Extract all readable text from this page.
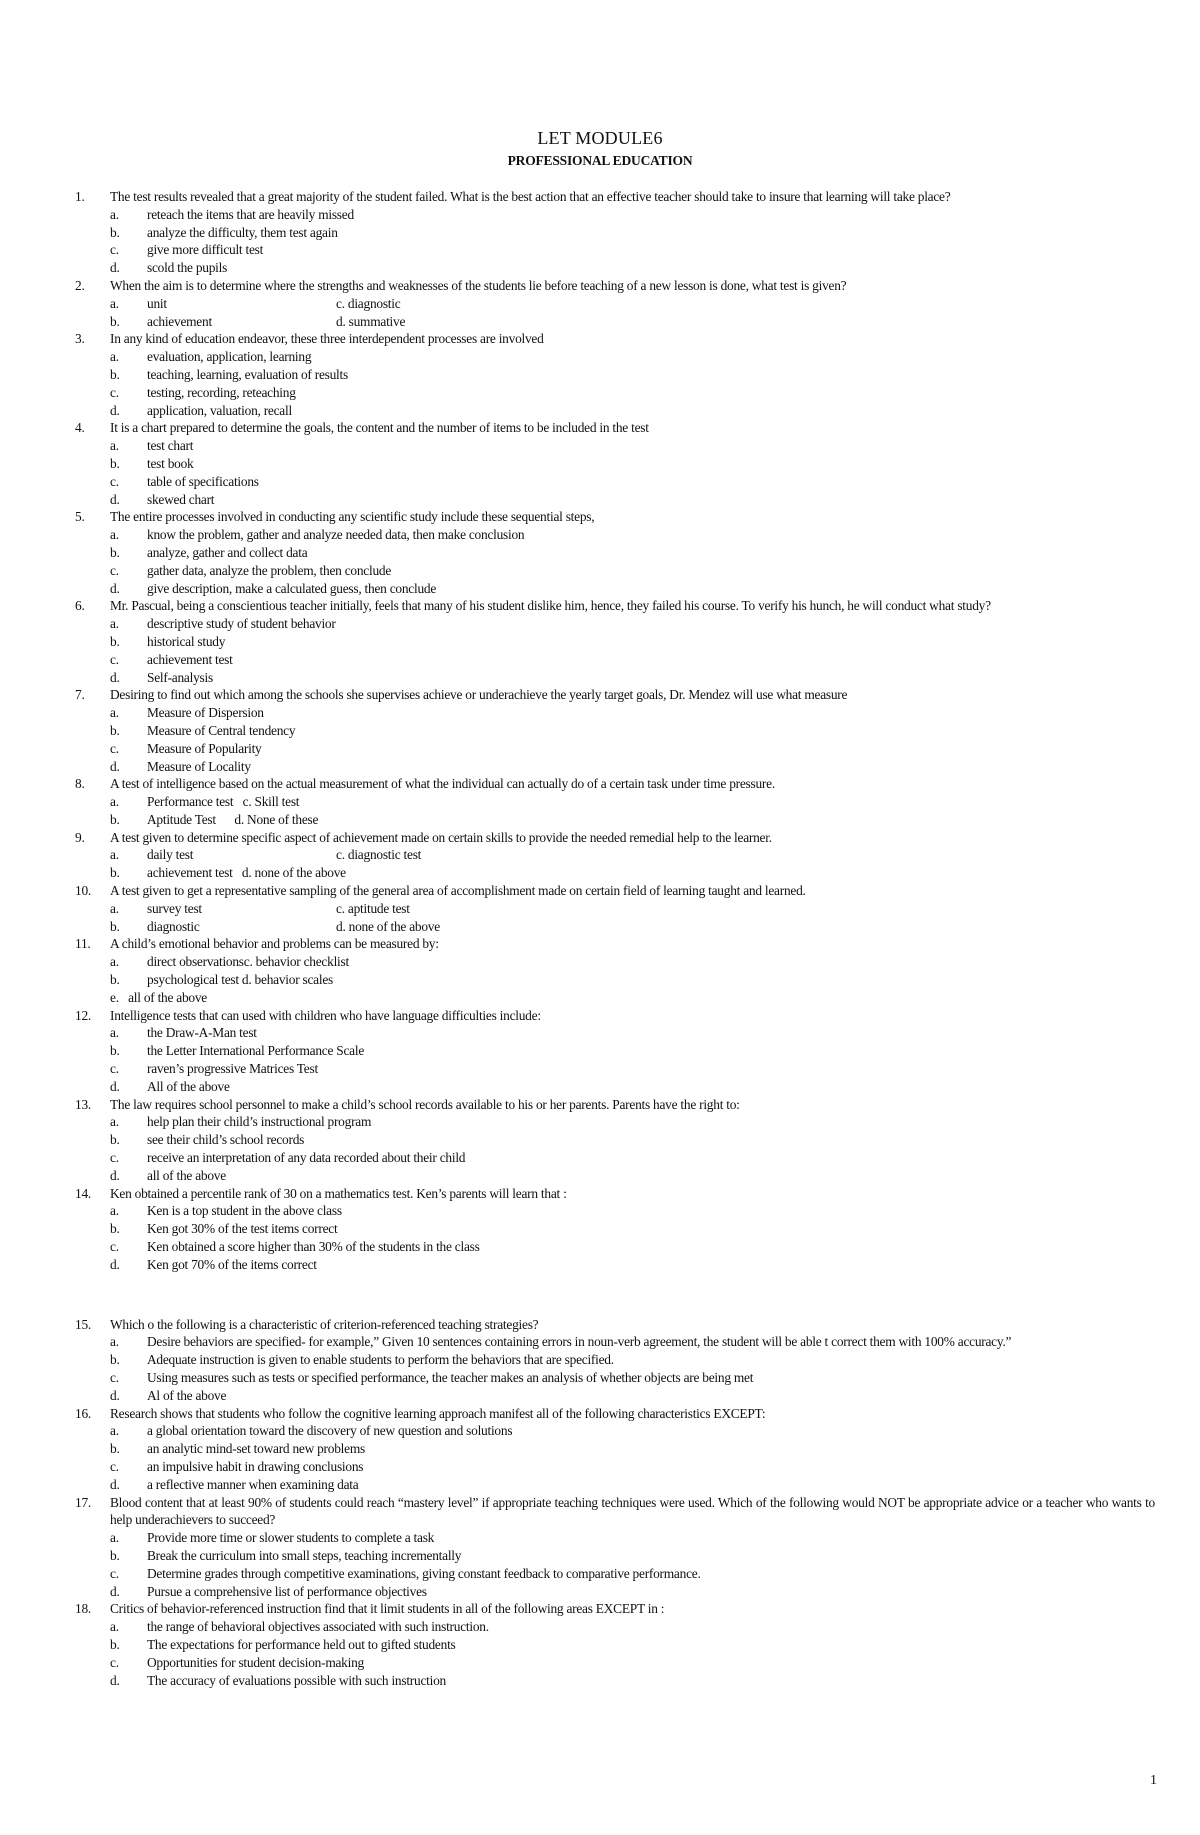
LET MODULE6
PROFESSIONAL EDUCATION
1.	The test results revealed that a great majority of the student failed. What is the best action that an effective teacher should take to insure that learning will take place?
a.	reteach the items that are heavily missed
b.	analyze the difficulty, them test again
c.	give more difficult test
d.	scold the pupils
2.	When the aim is to determine where the strengths and weaknesses of the students lie before teaching of a new lesson is done, what test is given?
a.	unit	c. diagnostic
b.	achievement	d. summative
3.	In any kind of education endeavor, these three interdependent processes are involved
a.	evaluation, application, learning
b.	teaching, learning, evaluation of results
c.	testing, recording, reteaching
d.	application, valuation, recall
4.	It is a chart prepared to determine the goals, the content and the number of items to be included in the test
a.	test chart
b.	test book
c.	table of specifications
d.	skewed chart
5.	The entire processes involved in conducting any scientific study include these sequential steps,
a.	know the problem, gather and analyze needed data, then make conclusion
b.	analyze, gather and collect data
c.	gather data, analyze the problem, then conclude
d.	give description, make a calculated guess, then conclude
6.	Mr. Pascual, being a conscientious teacher initially, feels that many of his student dislike him, hence, they failed his course. To verify his hunch, he will conduct what study?
a.	descriptive study of student behavior
b.	historical study
c.	achievement test
d.	Self-analysis
7.	Desiring to find out which among the schools she supervises achieve or underachieve the yearly target goals, Dr. Mendez will use what measure
a.	Measure of Dispersion
b.	Measure of Central tendency
c.	Measure of Popularity
d.	Measure of Locality
8.	A test of intelligence based on the actual measurement of what the individual can actually do of a certain task under time pressure.
a.	Performance test   c. Skill test
b.	Aptitude Test      d. None of these
9.	A test given to determine specific aspect of achievement made on certain skills to provide the needed remedial help to the learner.
a.	daily test	c. diagnostic test
b.	achievement test   d. none of the above
10.	A test given to get a representative sampling of the general area of accomplishment made on certain field of learning taught and learned.
a.	survey test	c. aptitude test
b.	diagnostic	d. none of the above
11.	A child’s emotional behavior and problems can be measured by:
a.	direct observationsc. behavior checklist
b.	psychological test d. behavior scales
e.   all of the above
12.	Intelligence tests that can used with children who have language difficulties include:
a.	the Draw-A-Man test
b.	the Letter International Performance Scale
c.	raven’s progressive Matrices Test
d.	All of the above
13.	The law requires school personnel to make a child’s school records available to his or her parents. Parents have the right to:
a.	help plan their child’s instructional program
b.	see their child’s school records
c.	receive an interpretation of any data recorded about their child
d.	all of the above
14.	Ken obtained a percentile rank of 30 on a mathematics test. Ken’s parents will learn that :
a.	Ken is a top student in the above class
b.	Ken got 30% of the test items correct
c.	Ken obtained a score higher than 30% of the students in the class
d.	Ken got 70% of the items correct
15.	Which o the following is a characteristic of criterion-referenced teaching strategies?
a.	Desire behaviors are specified- for example,” Given 10 sentences containing errors in noun-verb agreement, the student will be able t correct them with 100% accuracy.”
b.	Adequate instruction is given to enable students to perform the behaviors that are specified.
c.	Using measures such as tests or specified performance, the teacher makes an analysis of whether objects are being met
d.	Al of the above
16.	Research shows that students who follow the cognitive learning approach manifest all of the following characteristics EXCEPT:
a.	a global orientation toward the discovery of new question and solutions
b.	an analytic mind-set toward new problems
c.	an impulsive habit in drawing conclusions
d.	a reflective manner when examining data
17.	Blood content that at least 90% of students could reach “mastery level” if appropriate teaching techniques were used. Which of the following would NOT be appropriate advice or a teacher who wants to help underachievers to succeed?
a.	Provide more time or slower students to complete a task
b.	Break the curriculum into small steps, teaching incrementally
c.	Determine grades through competitive examinations, giving constant feedback to comparative performance.
d.	Pursue a comprehensive list of performance objectives
18.	Critics of behavior-referenced instruction find that it limit students in all of the following areas EXCEPT in :
a.	the range of behavioral objectives associated with such instruction.
b.	The expectations for performance held out to gifted students
c.	Opportunities for student decision-making
d.	The accuracy of evaluations possible with such instruction
1
